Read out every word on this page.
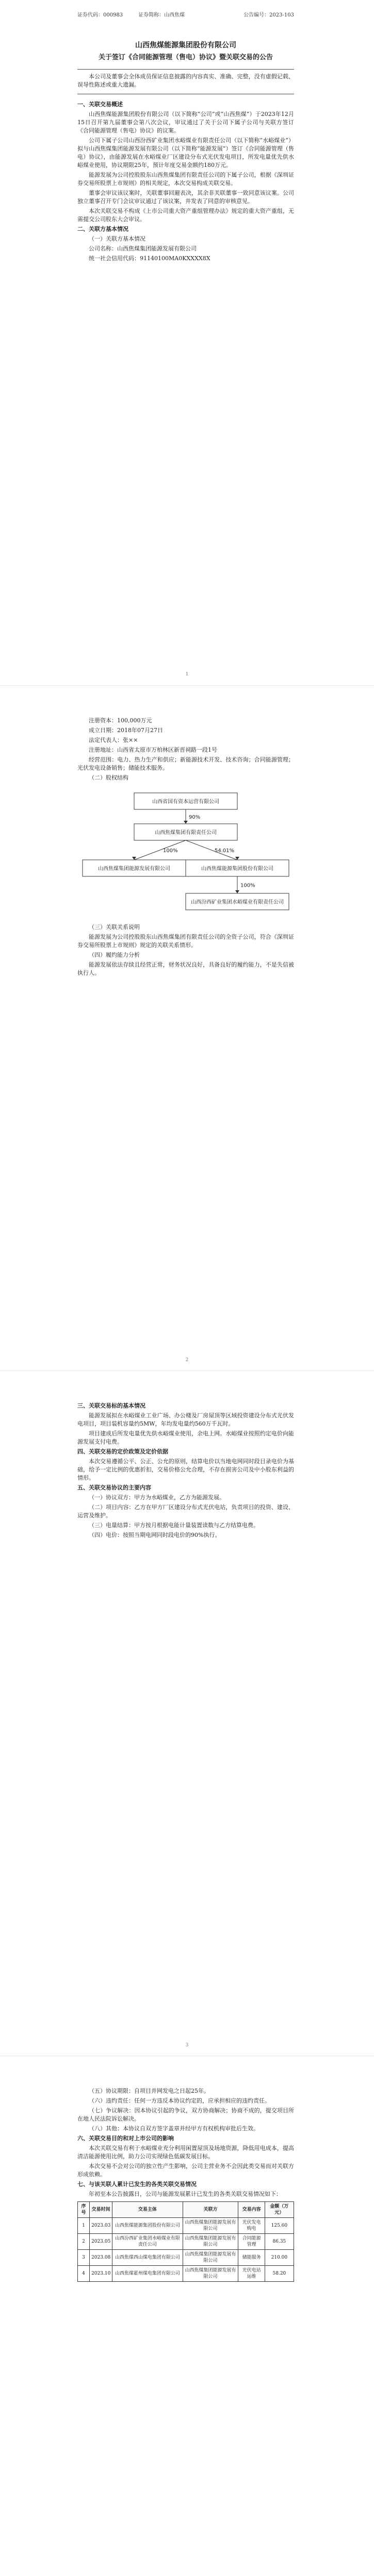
证券代码：000983	证券简称：山西焦煤	公告编号：2023-103
山西焦煤能源集团股份有限公司
关于签订《合同能源管理（售电）协议》暨关联交易的公告

本公司及董事会全体成员保证信息披露的内容真实、准确、完整，没有虚假记载、误导性陈述或重大遗漏。

一、关联交易概述

山西焦煤能源集团股份有限公司（以下简称“公司”或“山西焦煤”）于2023年12月15日召开第九届董事会第八次会议，审议通过了关于公司下属子公司与关联方签订《合同能源管理（售电）协议》的议案。

公司下属子公司山西汾西矿业集团水峪煤业有限责任公司（以下简称“水峪煤业”）拟与山西焦煤集团能源发展有限公司（以下简称“能源发展”）签订《合同能源管理（售电）协议》，由能源发展在水峪煤业厂区建设分布式光伏发电项目，所发电量优先供水峪煤业使用，协议期限25年，预计年度交易金额约180万元。

能源发展为公司控股股东山西焦煤集团有限责任公司的下属子公司，根据《深圳证券交易所股票上市规则》的相关规定，本次交易构成关联交易。

董事会审议该议案时，关联董事回避表决，其余非关联董事一致同意该议案。公司独立董事召开专门会议审议通过了该议案，并发表了同意的审核意见。

本次关联交易不构成《上市公司重大资产重组管理办法》规定的重大资产重组，无需提交公司股东大会审议。

二、关联方基本情况

（一）关联方基本情况

公司名称：山西焦煤集团能源发展有限公司

统一社会信用代码：91140100MA0KXXXX8X

1

注册资本：100,000万元

成立日期：2018年07月27日

法定代表人：张××

注册地址：山西省太原市万柏林区新晋祠路一段1号

经营范围：电力、热力生产和供应；新能源技术开发、技术咨询；合同能源管理；光伏发电设备销售；储能技术服务。

（二）股权结构

90%
100%	54.01%
100%
山西省国有资本运营有限公司
山西焦煤集团有限责任公司
山西焦煤集团能源发展有限公司	山西焦煤能源集团股份有限公司
山西汾西矿业集团水峪煤业有限责任公司

（三）关联关系说明

能源发展为公司控股股东山西焦煤集团有限责任公司的全资子公司，符合《深圳证券交易所股票上市规则》规定的关联关系情形。

（四）履约能力分析

能源发展依法存续且经营正常，财务状况良好，具备良好的履约能力，不是失信被执行人。

2

三、关联交易标的基本情况

能源发展拟在水峪煤业工业广场、办公楼及厂房屋顶等区域投资建设分布式光伏发电项目，项目装机容量约5MW，年均发电量约560万千瓦时。

项目建成后所发电量优先供水峪煤业使用，余电上网。水峪煤业按照约定电价向能源发展支付电费。

四、关联交易的定价政策及定价依据

本次交易遵循公平、公正、公允的原则，结算电价以当地电网同时段目录电价为基础，给予一定比例的优惠折扣，交易价格公允合理，不存在损害公司及中小股东利益的情形。

五、关联交易协议的主要内容

（一）协议双方：甲方为水峪煤业，乙方为能源发展。

（二）项目内容：乙方在甲方厂区建设分布式光伏电站，负责项目的投资、建设、运营及维护。

（三）电量结算：甲方按月根据电能计量装置读数与乙方结算电费。

（四）电价：按照当期电网同时段电价的90%执行。

3

（五）协议期限：自项目并网发电之日起25年。

（六）违约责任：任何一方违反本协议约定的，应承担相应的违约责任。

（七）争议解决：因本协议引起的争议，双方协商解决；协商不成的，提交项目所在地人民法院诉讼解决。

（八）其他：本协议自双方签字盖章并经甲方有权机构审批后生效。

六、关联交易目的和对上市公司的影响

本次关联交易有利于水峪煤业充分利用闲置屋顶及场地资源，降低用电成本，提高清洁能源使用比例，助力公司实现绿色低碳发展目标。

本次交易不会对公司的独立性产生影响，公司主营业务不会因此类交易而对关联方形成依赖。

七、与该关联人累计已发生的各类关联交易情况

年初至本公告披露日，公司与能源发展累计已发生的各类关联交易情况如下：

序号	交易时间	交易主体	关联方	交易内容	金额（万元）
1	2023.03	山西焦煤能源集团股份有限公司	山西焦煤集团能源发展有限公司	光伏发电购电	125.60
2	2023.05	山西汾西矿业集团水峪煤业有限责任公司	山西焦煤集团能源发展有限公司	合同能源管理	86.35
3	2023.08	山西焦煤西山煤电集团有限公司	山西焦煤集团能源发展有限公司	储能服务	210.00
4	2023.10	山西焦煤霍州煤电集团有限公司	山西焦煤集团能源发展有限公司	光伏电站运维	58.20
